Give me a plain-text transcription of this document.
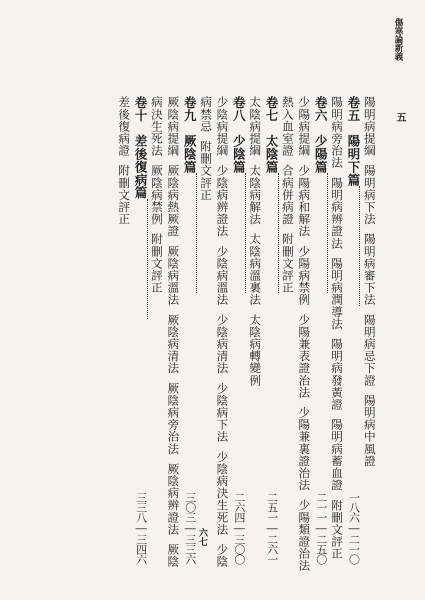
傷寒論新義
五
陽明病提綱陽明病下法陽明病審下法陽明病忌下證陽明病中風證
卷五　陽明下篇
一八六―二一〇
陽明病旁治法陽明病辨證法陽明病潤導法陽明病發黃證陽明病蓄血證附刪文評正
卷六　少陽篇
二一一―二五〇
少陽病提綱少陽病和解法少陽病禁例少陽兼表證治法少陽兼裏證治法少陽類證治法
熱入血室證合病併病證附刪文評正
卷七　太陰篇
二五一―二六一
太陰病提綱太陰病解法太陰病溫裏法太陰病轉變例
卷八　少陰篇
二六四―三〇〇
少陰病提綱少陰病辨證法少陰病溫法少陰病清法少陰病下法少陰病決生死法少陰
病禁忌附刪文評正
卷九　厥陰篇
三〇三―三三六
厥陰病提綱厥陰病熱厥證厥陰病溫法厥陰病清法厥陰病旁治法厥陰病辨證法厥陰
病決生死法厥陰病禁例附刪文評正
卷十　差後復病篇
三三八―三四六
差後復病證附刪文評正
六七
